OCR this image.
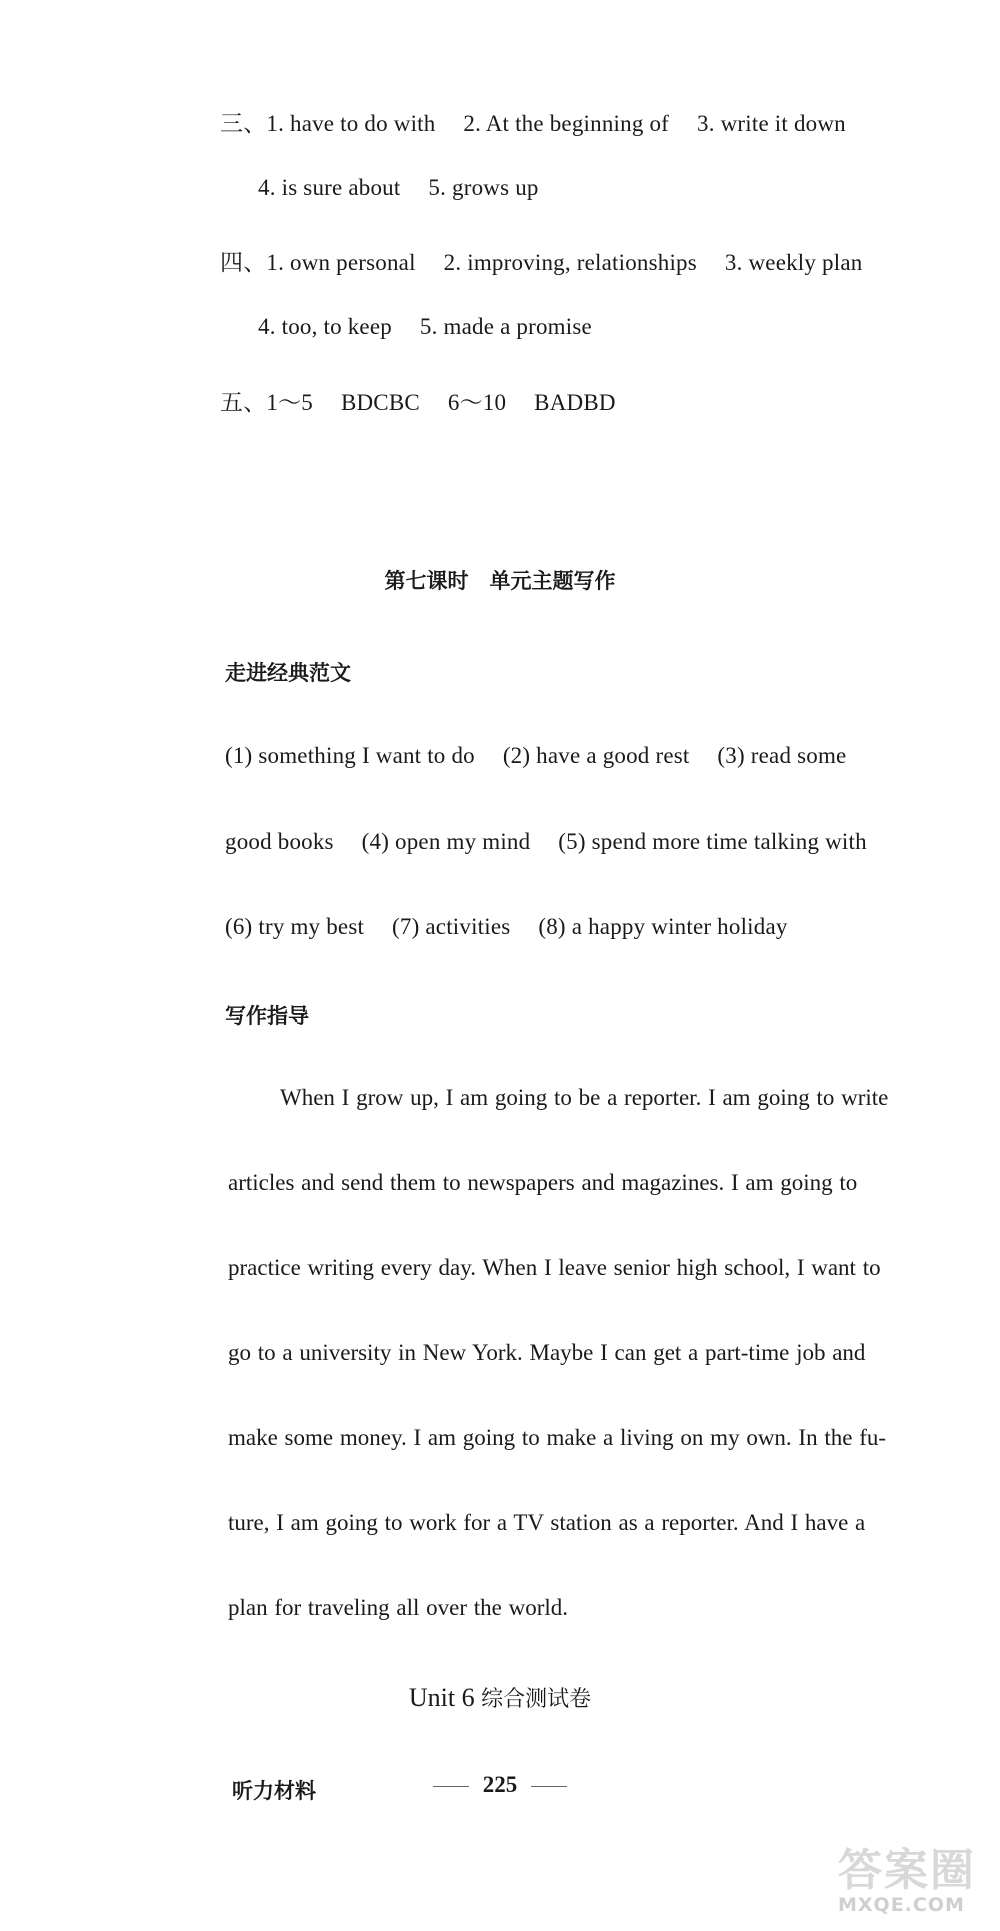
三、1. have to do with 2. At the beginning of 3. write it down
4. is sure about 5. grows up
四、1. own personal 2. improving, relationships 3. weekly plan
4. too, to keep 5. made a promise
五、1～5 BDCBC 6～10 BADBD
第七课时　单元主题写作
走进经典范文
(1) something I want to do (2) have a good rest (3) read some
good books (4) open my mind (5) spend more time talking with
(6) try my best (7) activities (8) a happy winter holiday
写作指导
When I grow up, I am going to be a reporter. I am going to write
articles and send them to newspapers and magazines. I am going to
practice writing every day. When I leave senior high school, I want to
go to a university in New York. Maybe I can get a part-time job and
make some money. I am going to make a living on my own. In the fu-
ture, I am going to work for a TV station as a reporter. And I have a
plan for traveling all over the world.
Unit 6 综合测试卷
听力材料	225
答案圈
MXQE.COM
